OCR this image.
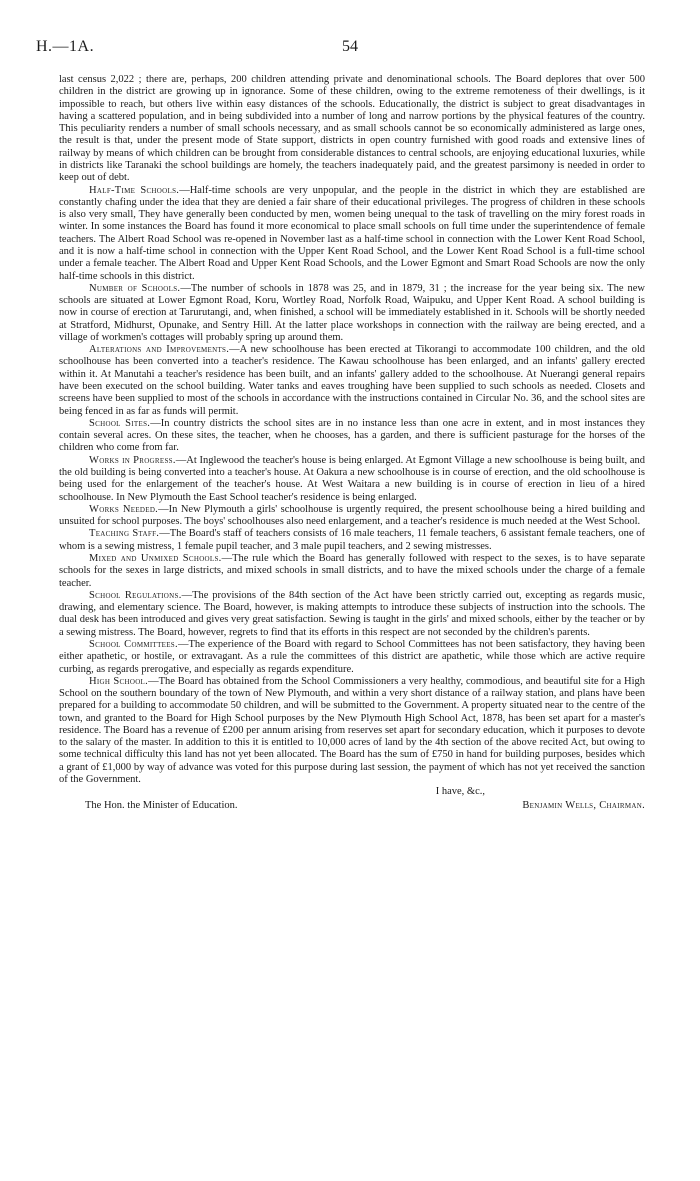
H.—1A.	54

last census 2,022 ; there are, perhaps, 200 children attending private and denominational schools. The Board deplores that over 500 children in the district are growing up in ignorance. Some of these children, owing to the extreme remoteness of their dwellings, is it impossible to reach, but others live within easy distances of the schools. Educationally, the district is subject to great disadvantages in having a scattered population, and in being subdivided into a number of long and narrow portions by the physical features of the country. This peculiarity renders a number of small schools necessary, and as small schools cannot be so economically administered as large ones, the result is that, under the present mode of State support, districts in open country furnished with good roads and extensive lines of railway by means of which children can be brought from considerable distances to central schools, are enjoying educational luxuries, while in districts like Taranaki the school buildings are homely, the teachers inadequately paid, and the greatest parsimony is needed in order to keep out of debt.

Half-Time Schools.—Half-time schools are very unpopular, and the people in the district in which they are established are constantly chafing under the idea that they are denied a fair share of their educational privileges. The progress of children in these schools is also very small, They have generally been conducted by men, women being unequal to the task of travelling on the miry forest roads in winter. In some instances the Board has found it more economical to place small schools on full time under the superintendence of female teachers. The Albert Road School was re-opened in November last as a half-time school in connection with the Lower Kent Road School, and it is now a half-time school in connection with the Upper Kent Road School, and the Lower Kent Road School is a full-time school under a female teacher. The Albert Road and Upper Kent Road Schools, and the Lower Egmont and Smart Road Schools are now the only half-time schools in this district.

Number of Schools.—The number of schools in 1878 was 25, and in 1879, 31 ; the increase for the year being six. The new schools are situated at Lower Egmont Road, Koru, Wortley Road, Norfolk Road, Waipuku, and Upper Kent Road. A school building is now in course of erection at Tarurutangi, and, when finished, a school will be immediately established in it. Schools will be shortly needed at Stratford, Midhurst, Opunake, and Sentry Hill. At the latter place workshops in connection with the railway are being erected, and a village of workmen's cottages will probably spring up around them.

Alterations and Improvements.—A new schoolhouse has been erected at Tikorangi to accommodate 100 children, and the old schoolhouse has been converted into a teacher's residence. The Kawau schoolhouse has been enlarged, and an infants' gallery erected within it. At Manutahi a teacher's residence has been built, and an infants' gallery added to the schoolhouse. At Nuerangi general repairs have been executed on the school building. Water tanks and eaves troughing have been supplied to such schools as needed. Closets and screens have been supplied to most of the schools in accordance with the instructions contained in Circular No. 36, and the school sites are being fenced in as far as funds will permit.

School Sites.—In country districts the school sites are in no instance less than one acre in extent, and in most instances they contain several acres. On these sites, the teacher, when he chooses, has a garden, and there is sufficient pasturage for the horses of the children who come from far.

Works in Progress.—At Inglewood the teacher's house is being enlarged. At Egmont Village a new schoolhouse is being built, and the old building is being converted into a teacher's house. At Oakura a new schoolhouse is in course of erection, and the old schoolhouse is being used for the enlargement of the teacher's house. At West Waitara a new building is in course of erection in lieu of a hired schoolhouse. In New Plymouth the East School teacher's residence is being enlarged.

Works Needed.—In New Plymouth a girls' schoolhouse is urgently required, the present schoolhouse being a hired building and unsuited for school purposes. The boys' schoolhouses also need enlargement, and a teacher's residence is much needed at the West School.

Teaching Staff.—The Board's staff of teachers consists of 16 male teachers, 11 female teachers, 6 assistant female teachers, one of whom is a sewing mistress, 1 female pupil teacher, and 3 male pupil teachers, and 2 sewing mistresses.

Mixed and Unmixed Schools.—The rule which the Board has generally followed with respect to the sexes, is to have separate schools for the sexes in large districts, and mixed schools in small districts, and to have the mixed schools under the charge of a female teacher.

School Regulations.—The provisions of the 84th section of the Act have been strictly carried out, excepting as regards music, drawing, and elementary science. The Board, however, is making attempts to introduce these subjects of instruction into the schools. The dual desk has been introduced and gives very great satisfaction. Sewing is taught in the girls' and mixed schools, either by the teacher or by a sewing mistress. The Board, however, regrets to find that its efforts in this respect are not seconded by the children's parents.

School Committees.—The experience of the Board with regard to School Committees has not been satisfactory, they having been either apathetic, or hostile, or extravagant. As a rule the committees of this district are apathetic, while those which are active require curbing, as regards prerogative, and especially as regards expenditure.

High School.—The Board has obtained from the School Commissioners a very healthy, commodious, and beautiful site for a High School on the southern boundary of the town of New Plymouth, and within a very short distance of a railway station, and plans have been prepared for a building to accommodate 50 children, and will be submitted to the Government. A property situated near to the centre of the town, and granted to the Board for High School purposes by the New Plymouth High School Act, 1878, has been set apart for a master's residence. The Board has a revenue of £200 per annum arising from reserves set apart for secondary education, which it purposes to devote to the salary of the master. In addition to this it is entitled to 10,000 acres of land by the 4th section of the above recited Act, but owing to some technical difficulty this land has not yet been allocated. The Board has the sum of £750 in hand for building purposes, besides which a grant of £1,000 by way of advance was voted for this purpose during last session, the payment of which has not yet received the sanction of the Government.

I have, &c.,

The Hon. the Minister of Education.	Benjamin Wells, Chairman.
